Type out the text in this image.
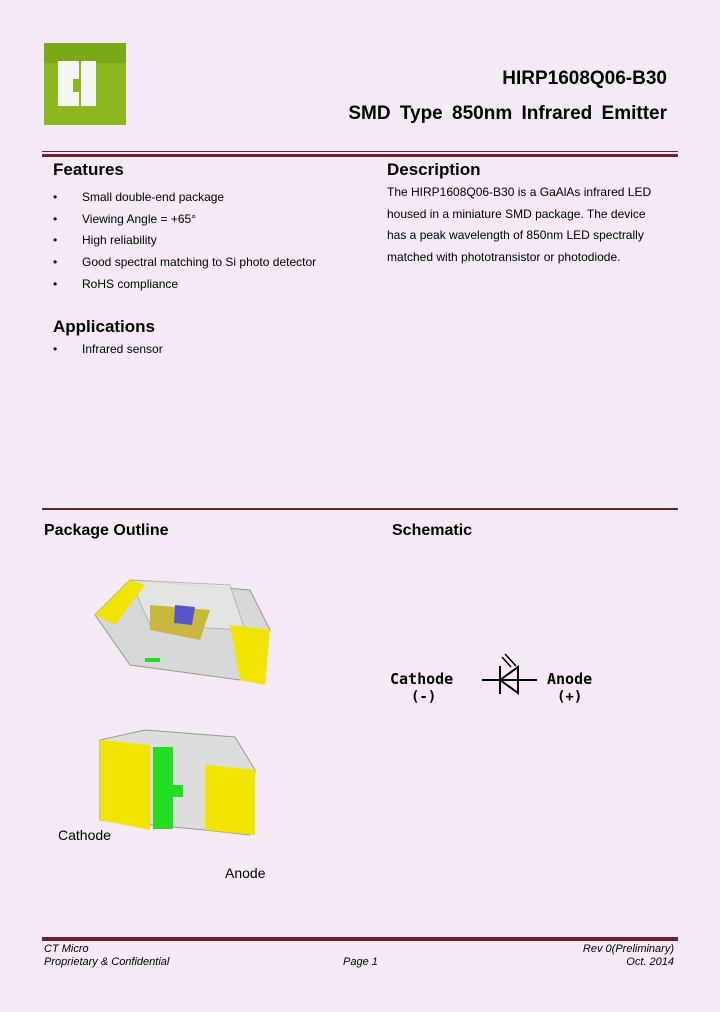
HIRP1608Q06-B30
SMD Type 850nm Infrared Emitter
Features
• Small double-end package
• Viewing Angle = +65°
• High reliability
• Good spectral matching to Si photo detector
• RoHS compliance
Applications
• Infrared sensor
Description
The HIRP1608Q06-B30 is a GaAlAs infrared LED housed in a miniature SMD package. The device has a peak wavelength of 850nm LED spectrally matched with phototransistor or photodiode.
Package Outline	Schematic
Cathode
Anode
Cathode
(-)
Anode
(+)
CT Micro
Proprietary & Confidential	Page 1
Rev 0(Preliminary)
Oct. 2014
